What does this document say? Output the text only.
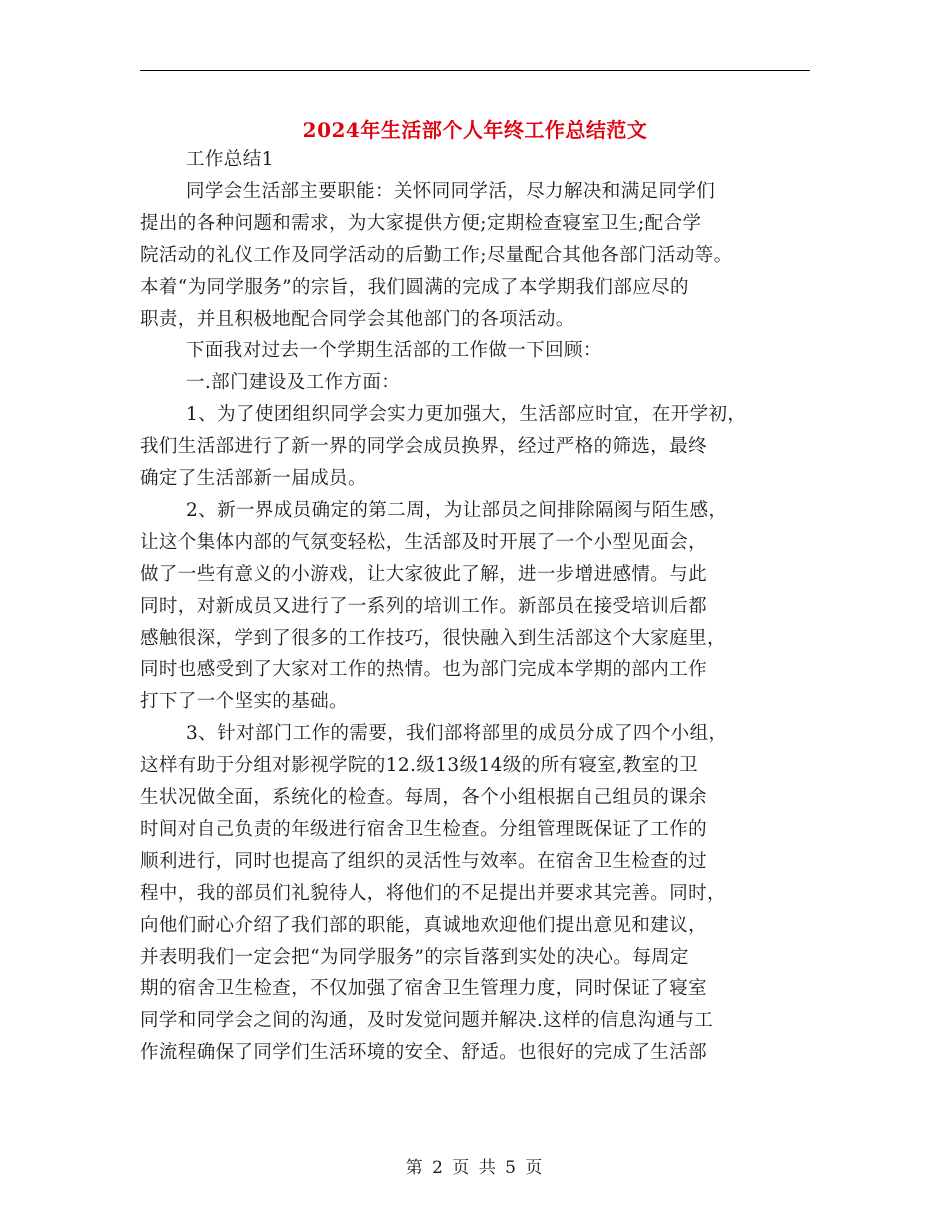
2024年生活部个人年终工作总结范文
工作总结1
同学会生活部主要职能：关怀同同学活，尽力解决和满足同学们
提出的各种问题和需求，为大家提供方便;定期检查寝室卫生;配合学
院活动的礼仪工作及同学活动的后勤工作;尽量配合其他各部门活动等。
本着“为同学服务”的宗旨，我们圆满的完成了本学期我们部应尽的
职责，并且积极地配合同学会其他部门的各项活动。
下面我对过去一个学期生活部的工作做一下回顾：
一.部门建设及工作方面：
1、为了使团组织同学会实力更加强大，生活部应时宜，在开学初，
我们生活部进行了新一界的同学会成员换界，经过严格的筛选，最终
确定了生活部新一届成员。
2、新一界成员确定的第二周，为让部员之间排除隔阂与陌生感，
让这个集体内部的气氛变轻松，生活部及时开展了一个小型见面会，
做了一些有意义的小游戏，让大家彼此了解，进一步增进感情。与此
同时，对新成员又进行了一系列的培训工作。新部员在接受培训后都
感触很深，学到了很多的工作技巧，很快融入到生活部这个大家庭里，
同时也感受到了大家对工作的热情。也为部门完成本学期的部内工作
打下了一个坚实的基础。
3、针对部门工作的需要，我们部将部里的成员分成了四个小组，
这样有助于分组对影视学院的12.级13级14级的所有寝室,教室的卫
生状况做全面，系统化的检查。每周，各个小组根据自己组员的课余
时间对自己负责的年级进行宿舍卫生检查。分组管理既保证了工作的
顺利进行，同时也提高了组织的灵活性与效率。在宿舍卫生检查的过
程中，我的部员们礼貌待人，将他们的不足提出并要求其完善。同时，
向他们耐心介绍了我们部的职能，真诚地欢迎他们提出意见和建议，
并表明我们一定会把“为同学服务”的宗旨落到实处的决心。每周定
期的宿舍卫生检查，不仅加强了宿舍卫生管理力度，同时保证了寝室
同学和同学会之间的沟通，及时发觉问题并解决.这样的信息沟通与工
作流程确保了同学们生活环境的安全、舒适。也很好的完成了生活部
第 2 页 共 5 页
